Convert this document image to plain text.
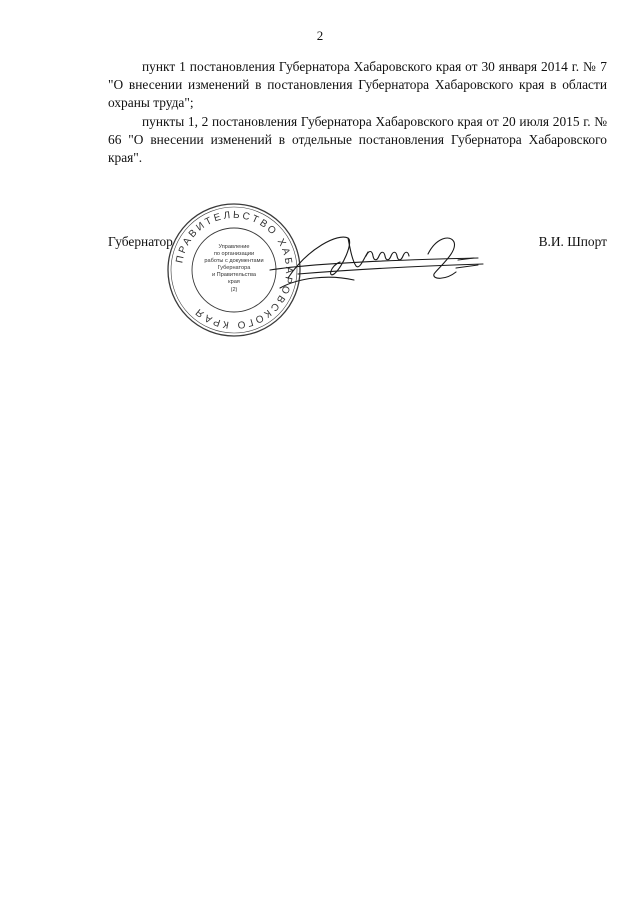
2

пункт 1 постановления Губернатора Хабаровского края от 30 января 2014 г. № 7 "О внесении изменений в постановления Губернатора Хабаровского края в области охраны труда";

пункты 1, 2 постановления Губернатора Хабаровского края от 20 июля 2015 г. № 66 "О внесении изменений в отдельные постановления Губернатора Хабаровского края".

Губернатор	В.И. Шпорт
ПРАВИТЕЛЬСТВО ХАБАРОВСКОГО КРАЯ
Управление
по организации
работы с документами
Губернатора
и Правительства
края
(2)
